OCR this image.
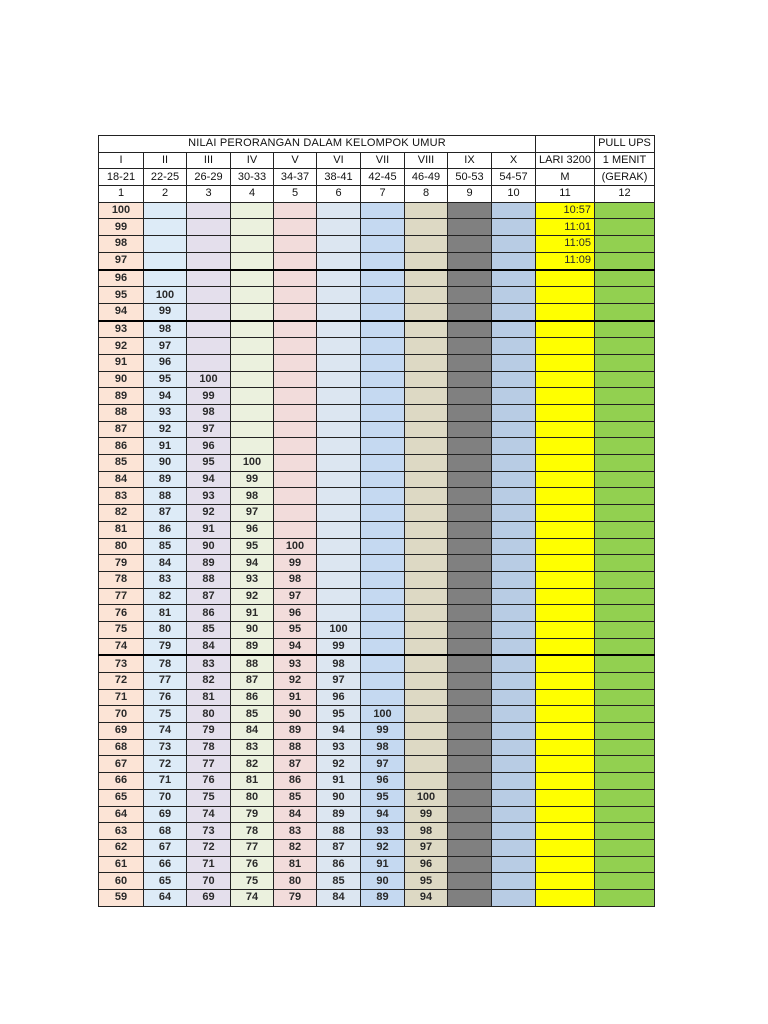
NILAI PERORANGAN DALAM KELOMPOK UMUR											PULL UPS
I	II	III	IV	V	VI	VII	VIII	IX	X	LARI 3200	1 MENIT
18-21	22-25	26-29	30-33	34-37	38-41	42-45	46-49	50-53	54-57	M	(GERAK)
1	2	3	4	5	6	7	8	9	10	11	12
100										10:57	
99										11:01	
98										11:05	
97										11:09	
96											
95	100										
94	99										
93	98										
92	97										
91	96										
90	95	100									
89	94	99									
88	93	98									
87	92	97									
86	91	96									
85	90	95	100								
84	89	94	99								
83	88	93	98								
82	87	92	97								
81	86	91	96								
80	85	90	95	100							
79	84	89	94	99							
78	83	88	93	98							
77	82	87	92	97							
76	81	86	91	96							
75	80	85	90	95	100						
74	79	84	89	94	99						
73	78	83	88	93	98						
72	77	82	87	92	97						
71	76	81	86	91	96						
70	75	80	85	90	95	100					
69	74	79	84	89	94	99					
68	73	78	83	88	93	98					
67	72	77	82	87	92	97					
66	71	76	81	86	91	96					
65	70	75	80	85	90	95	100				
64	69	74	79	84	89	94	99				
63	68	73	78	83	88	93	98				
62	67	72	77	82	87	92	97				
61	66	71	76	81	86	91	96				
60	65	70	75	80	85	90	95				
59	64	69	74	79	84	89	94				
